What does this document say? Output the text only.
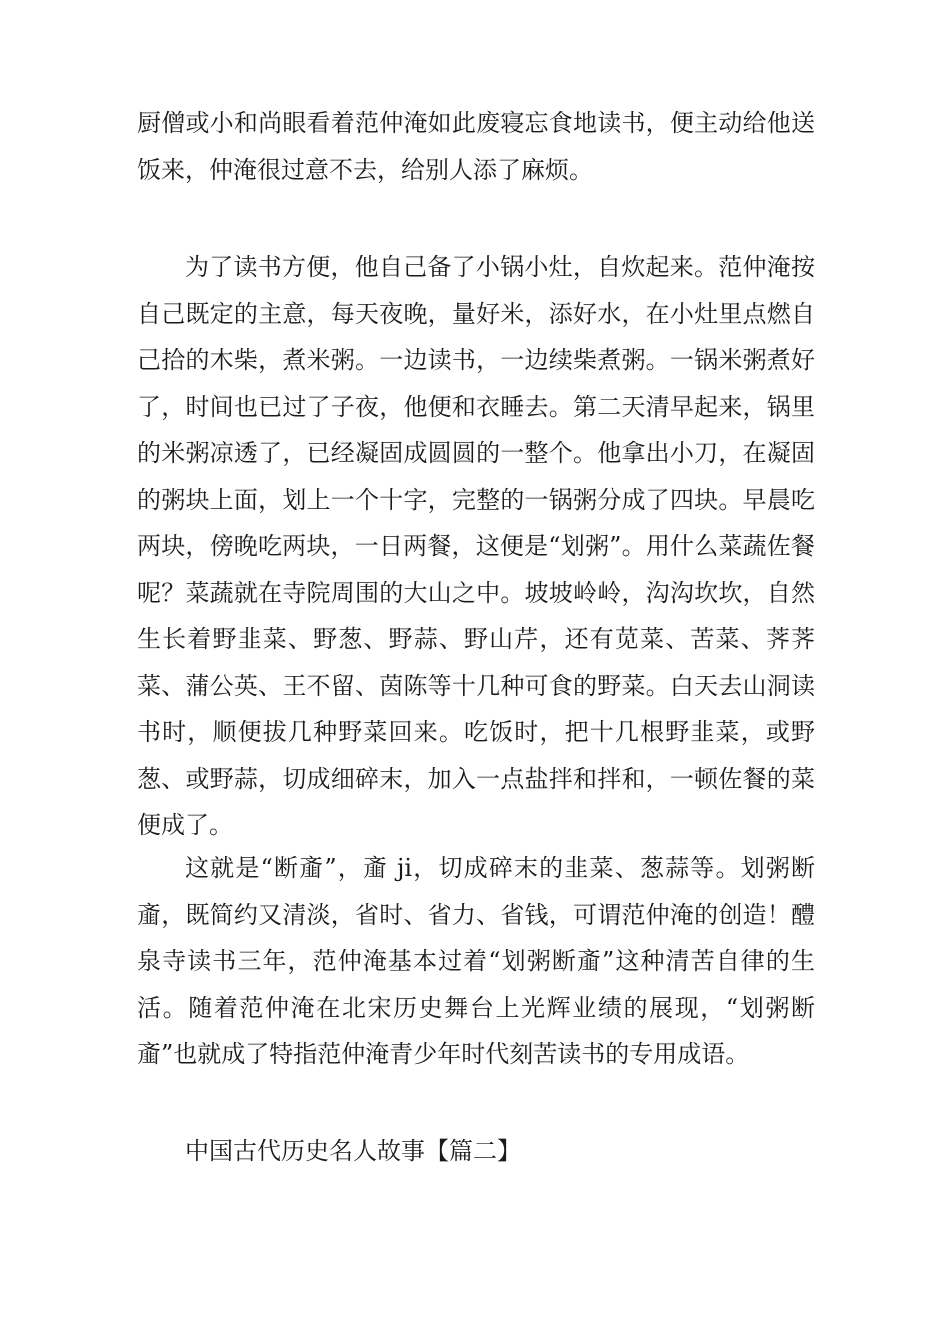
厨僧或小和尚眼看着范仲淹如此废寝忘食地读书，便主动给他送饭来，仲淹很过意不去，给别人添了麻烦。

为了读书方便，他自己备了小锅小灶，自炊起来。范仲淹按自己既定的主意，每天夜晚，量好米，添好水，在小灶里点燃自己拾的木柴，煮米粥。一边读书，一边续柴煮粥。一锅米粥煮好了，时间也已过了子夜，他便和衣睡去。第二天清早起来，锅里的米粥凉透了，已经凝固成圆圆的一整个。他拿出小刀，在凝固的粥块上面，划上一个十字，完整的一锅粥分成了四块。早晨吃两块，傍晚吃两块，一日两餐，这便是“划粥”。用什么菜蔬佐餐呢？菜蔬就在寺院周围的大山之中。坡坡岭岭，沟沟坎坎，自然生长着野韭菜、野葱、野蒜、野山芹，还有苋菜、苦菜、荠荠菜、蒲公英、王不留、茵陈等十几种可食的野菜。白天去山洞读书时，顺便拔几种野菜回来。吃饭时，把十几根野韭菜，或野葱、或野蒜，切成细碎末，加入一点盐拌和拌和，一顿佐餐的菜便成了。

这就是“断齑”，齑 ji，切成碎末的韭菜、葱蒜等。划粥断齑，既简约又清淡，省时、省力、省钱，可谓范仲淹的创造！醴泉寺读书三年，范仲淹基本过着“划粥断齑”这种清苦自律的生活。随着范仲淹在北宋历史舞台上光辉业绩的展现，“划粥断齑”也就成了特指范仲淹青少年时代刻苦读书的专用成语。

中国古代历史名人故事【篇二】
